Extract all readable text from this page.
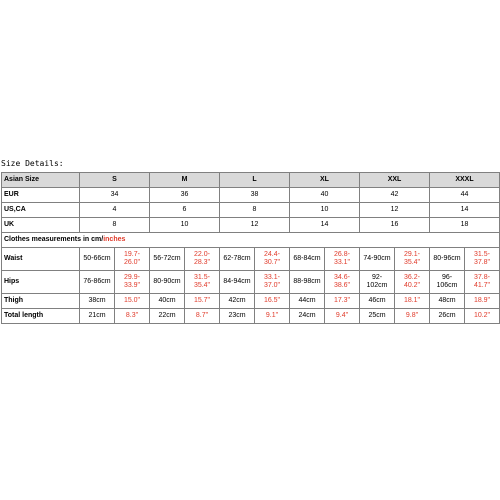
Size Details:
Asian Size	S		M		L		XL		XXL		XXXL	
EUR	34		36		38		40		42		44	
US,CA	4		6		8		10		12		14	
UK	8		10		12		14		16		18	
Clothes measurements in cm/inches												
Waist	50-66cm	19.7-26.0"	56-72cm	22.0-28.3"	62-78cm	24.4-30.7"	68-84cm	26.8-33.1"	74-90cm	29.1-35.4"	80-96cm	31.5-37.8"
Hips	76-86cm	29.9-33.9"	80-90cm	31.5-35.4"	84-94cm	33.1-37.0"	88-98cm	34.6-38.6"	92-102cm	36.2-40.2"	96-106cm	37.8-41.7"
Thigh	38cm	15.0"	40cm	15.7"	42cm	16.5"	44cm	17.3"	46cm	18.1"	48cm	18.9"
Total length	21cm	8.3"	22cm	8.7"	23cm	9.1"	24cm	9.4"	25cm	9.8"	26cm	10.2"
